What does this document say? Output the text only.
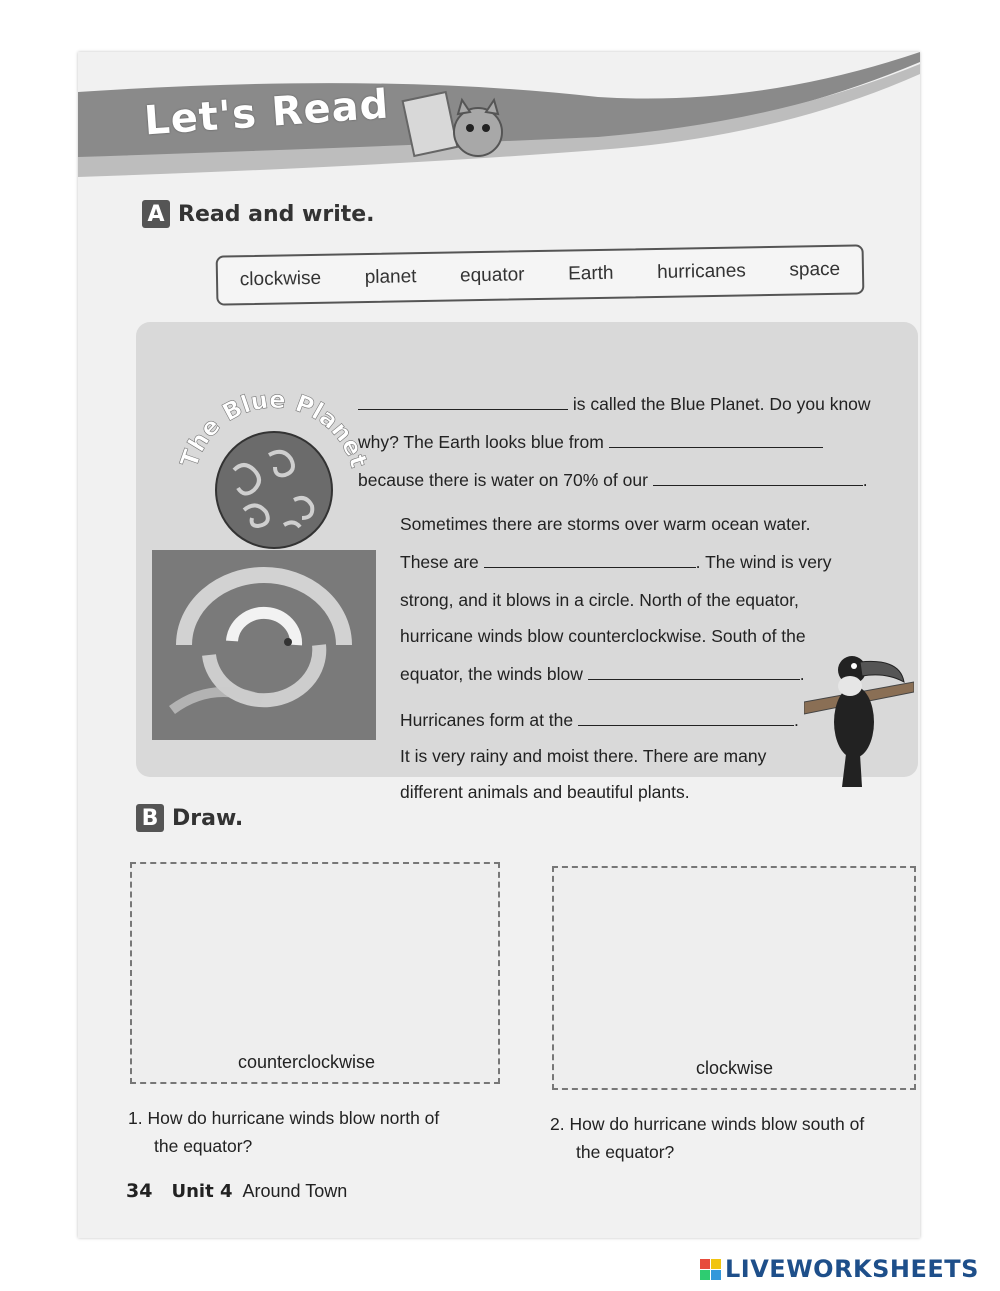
Let's Read
A Read and write.
clockwise planet equator Earth hurricanes space
The Blue Planet
is called the Blue Planet. Do you know
why? The Earth looks blue from
because there is water on 70% of our	.
Sometimes there are storms over warm ocean water.
These are	. The wind is very
strong, and it blows in a circle. North of the equator,
hurricane winds blow counterclockwise. South of the
equator, the winds blow	.
Hurricanes form at the	.
It is very rainy and moist there. There are many
different animals and beautiful plants.
B Draw.
counterclockwise	clockwise
1. How do hurricane winds blow north of
the equator?
2. How do hurricane winds blow south of
the equator?
34 Unit 4 Around Town
LIVEWORKSHEETS
